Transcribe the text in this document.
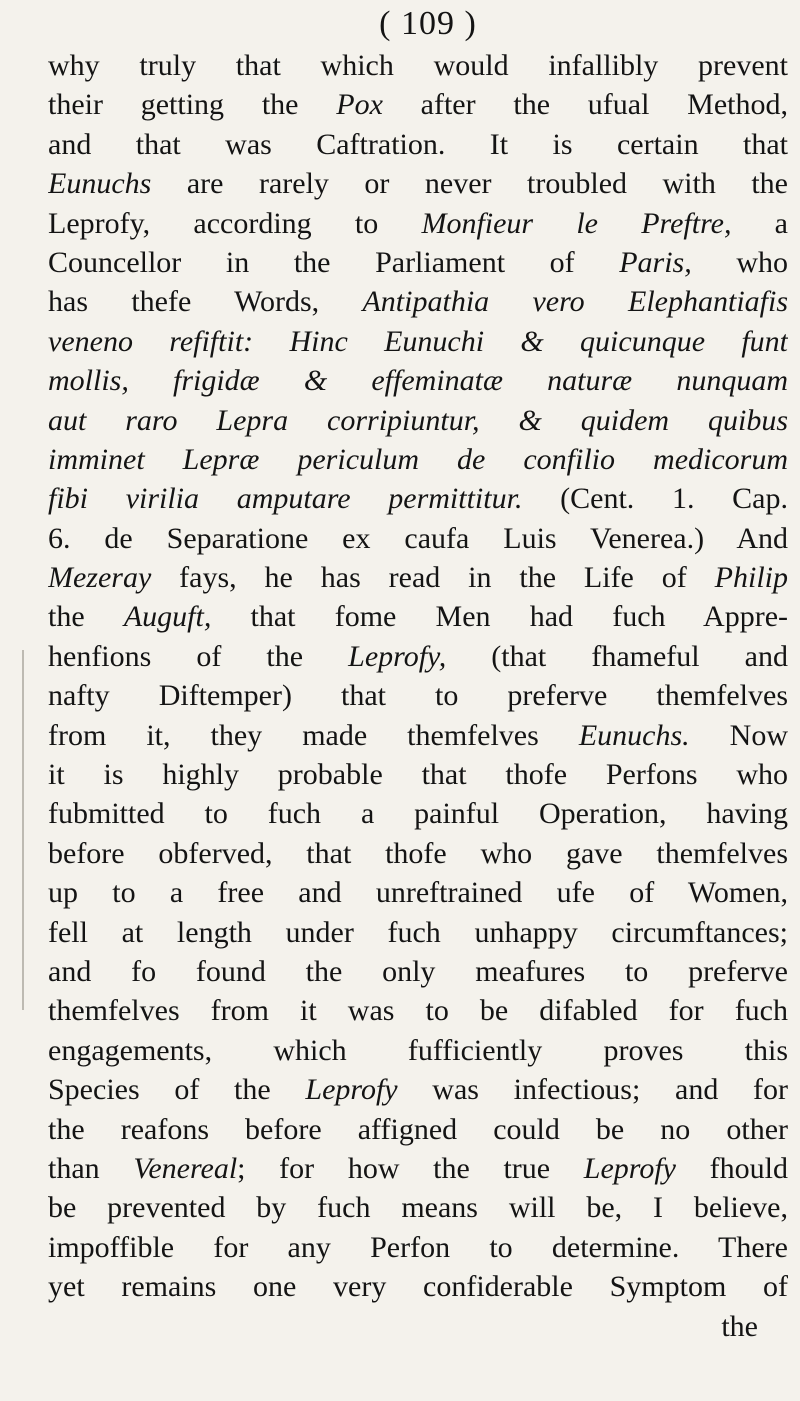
( 109 )
why truly that which would infallibly prevent
their getting the Pox after the ufual Method,
and that was Caftration. It is certain that
Eunuchs are rarely or never troubled with the
Leprofy, according to Monfieur le Preftre, a
Councellor in the Parliament of Paris, who
has thefe Words, Antipathia vero Elephantiafis
veneno refiftit: Hinc Eunuchi & quicunque funt
mollis, frigidæ & effeminatæ naturæ nunquam
aut raro Lepra corripiuntur, & quidem quibus
imminet Lepræ periculum de confilio medicorum
fibi virilia amputare permittitur. (Cent. 1. Cap.
6. de Separatione ex caufa Luis Venerea.) And
Mezeray fays, he has read in the Life of Philip
the Auguft, that fome Men had fuch Appre-
henfions of the Leprofy, (that fhameful and
nafty Diftemper) that to preferve themfelves
from it, they made themfelves Eunuchs. Now
it is highly probable that thofe Perfons who
fubmitted to fuch a painful Operation, having
before obferved, that thofe who gave themfelves
up to a free and unreftrained ufe of Women,
fell at length under fuch unhappy circumftances;
and fo found the only meafures to preferve
themfelves from it was to be difabled for fuch
engagements, which fufficiently proves this
Species of the Leprofy was infectious; and for
the reafons before affigned could be no other
than Venereal; for how the true Leprofy fhould
be prevented by fuch means will be, I believe,
impoffible for any Perfon to determine. There
yet remains one very confiderable Symptom of
the
